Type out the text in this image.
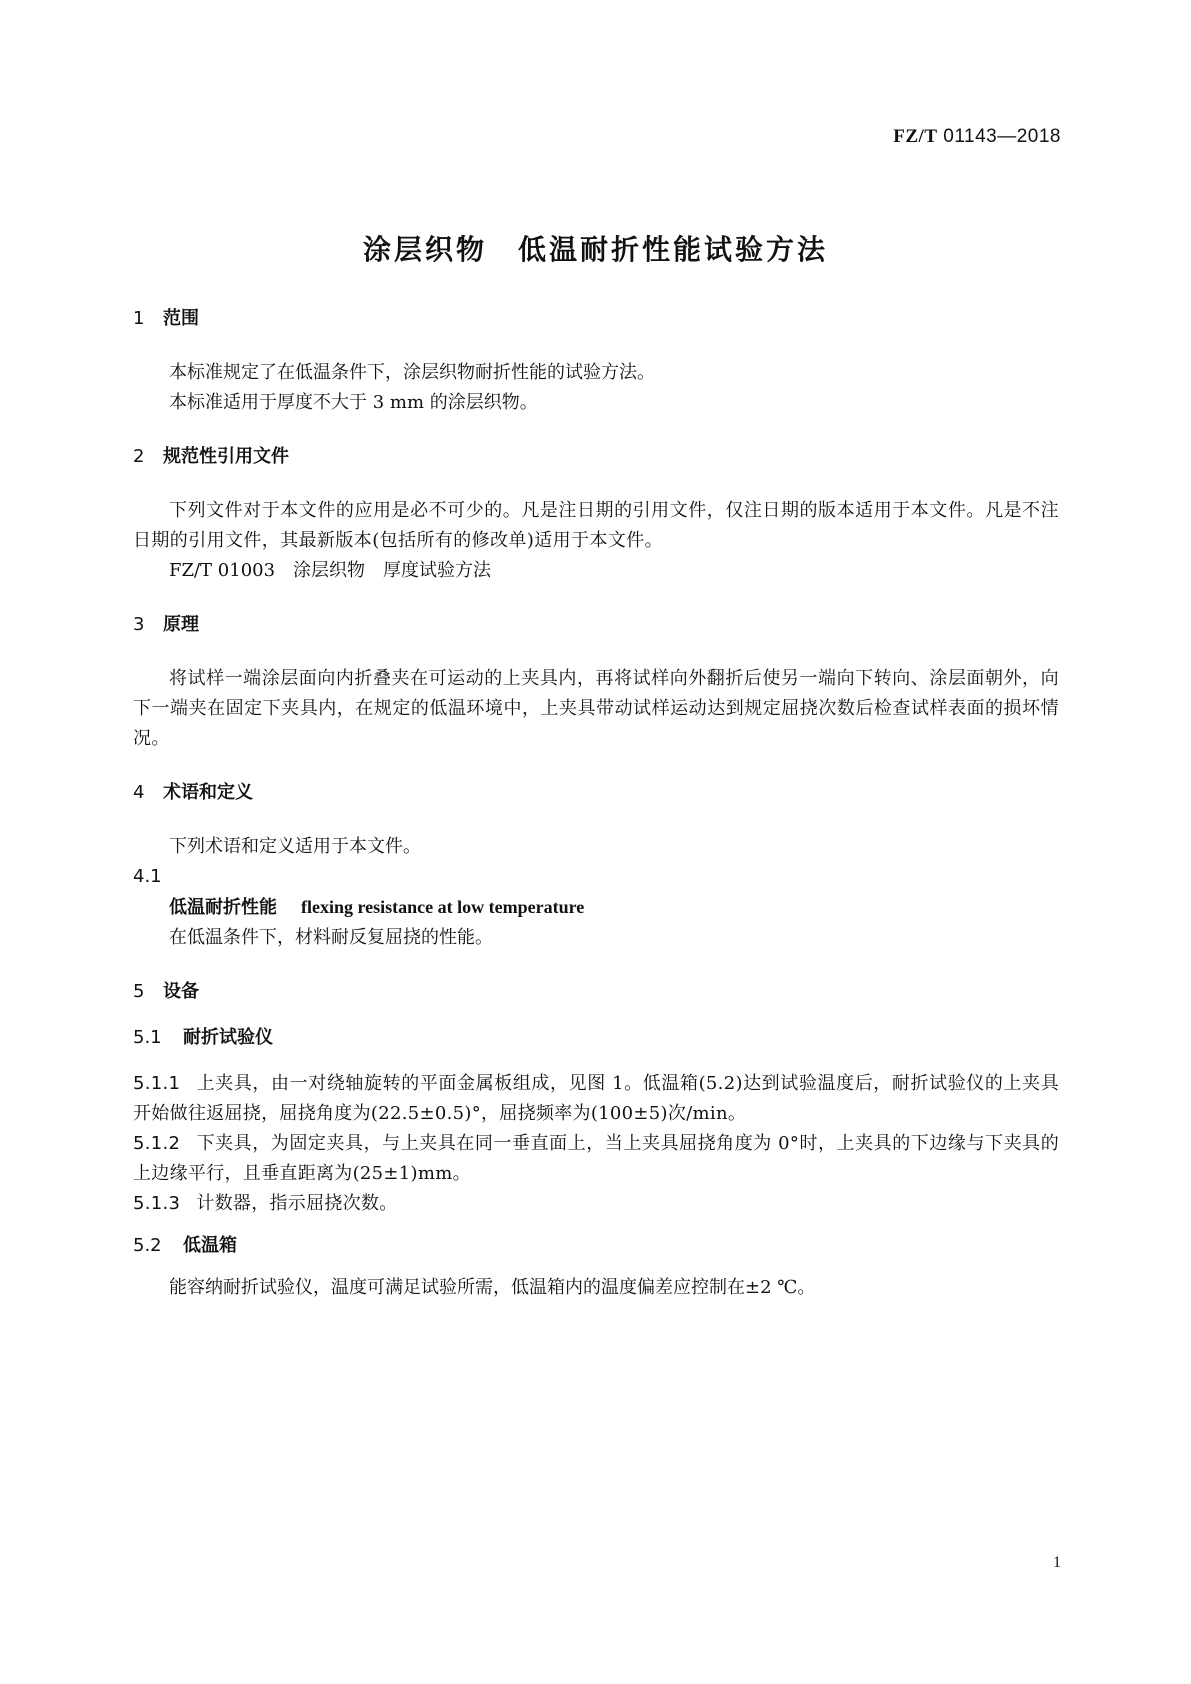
FZ/T 01143—2018
涂层织物　低温耐折性能试验方法
1 范围
本标准规定了在低温条件下，涂层织物耐折性能的试验方法。
本标准适用于厚度不大于 3 mm 的涂层织物。
2 规范性引用文件
下列文件对于本文件的应用是必不可少的。凡是注日期的引用文件，仅注日期的版本适用于本文件。凡是不注日期的引用文件，其最新版本(包括所有的修改单)适用于本文件。
FZ/T 01003　涂层织物　厚度试验方法
3 原理
将试样一端涂层面向内折叠夹在可运动的上夹具内，再将试样向外翻折后使另一端向下转向、涂层面朝外，向下一端夹在固定下夹具内，在规定的低温环境中，上夹具带动试样运动达到规定屈挠次数后检查试样表面的损坏情况。
4 术语和定义
下列术语和定义适用于本文件。
4.1
低温耐折性能 flexing resistance at low temperature
在低温条件下，材料耐反复屈挠的性能。
5 设备
5.1 耐折试验仪
5.1.1 上夹具，由一对绕轴旋转的平面金属板组成，见图 1。低温箱(5.2)达到试验温度后，耐折试验仪的上夹具开始做往返屈挠，屈挠角度为(22.5±0.5)°，屈挠频率为(100±5)次/min。
5.1.2 下夹具，为固定夹具，与上夹具在同一垂直面上，当上夹具屈挠角度为 0°时，上夹具的下边缘与下夹具的上边缘平行，且垂直距离为(25±1)mm。
5.1.3 计数器，指示屈挠次数。
5.2 低温箱
能容纳耐折试验仪，温度可满足试验所需，低温箱内的温度偏差应控制在±2 ℃。
1
